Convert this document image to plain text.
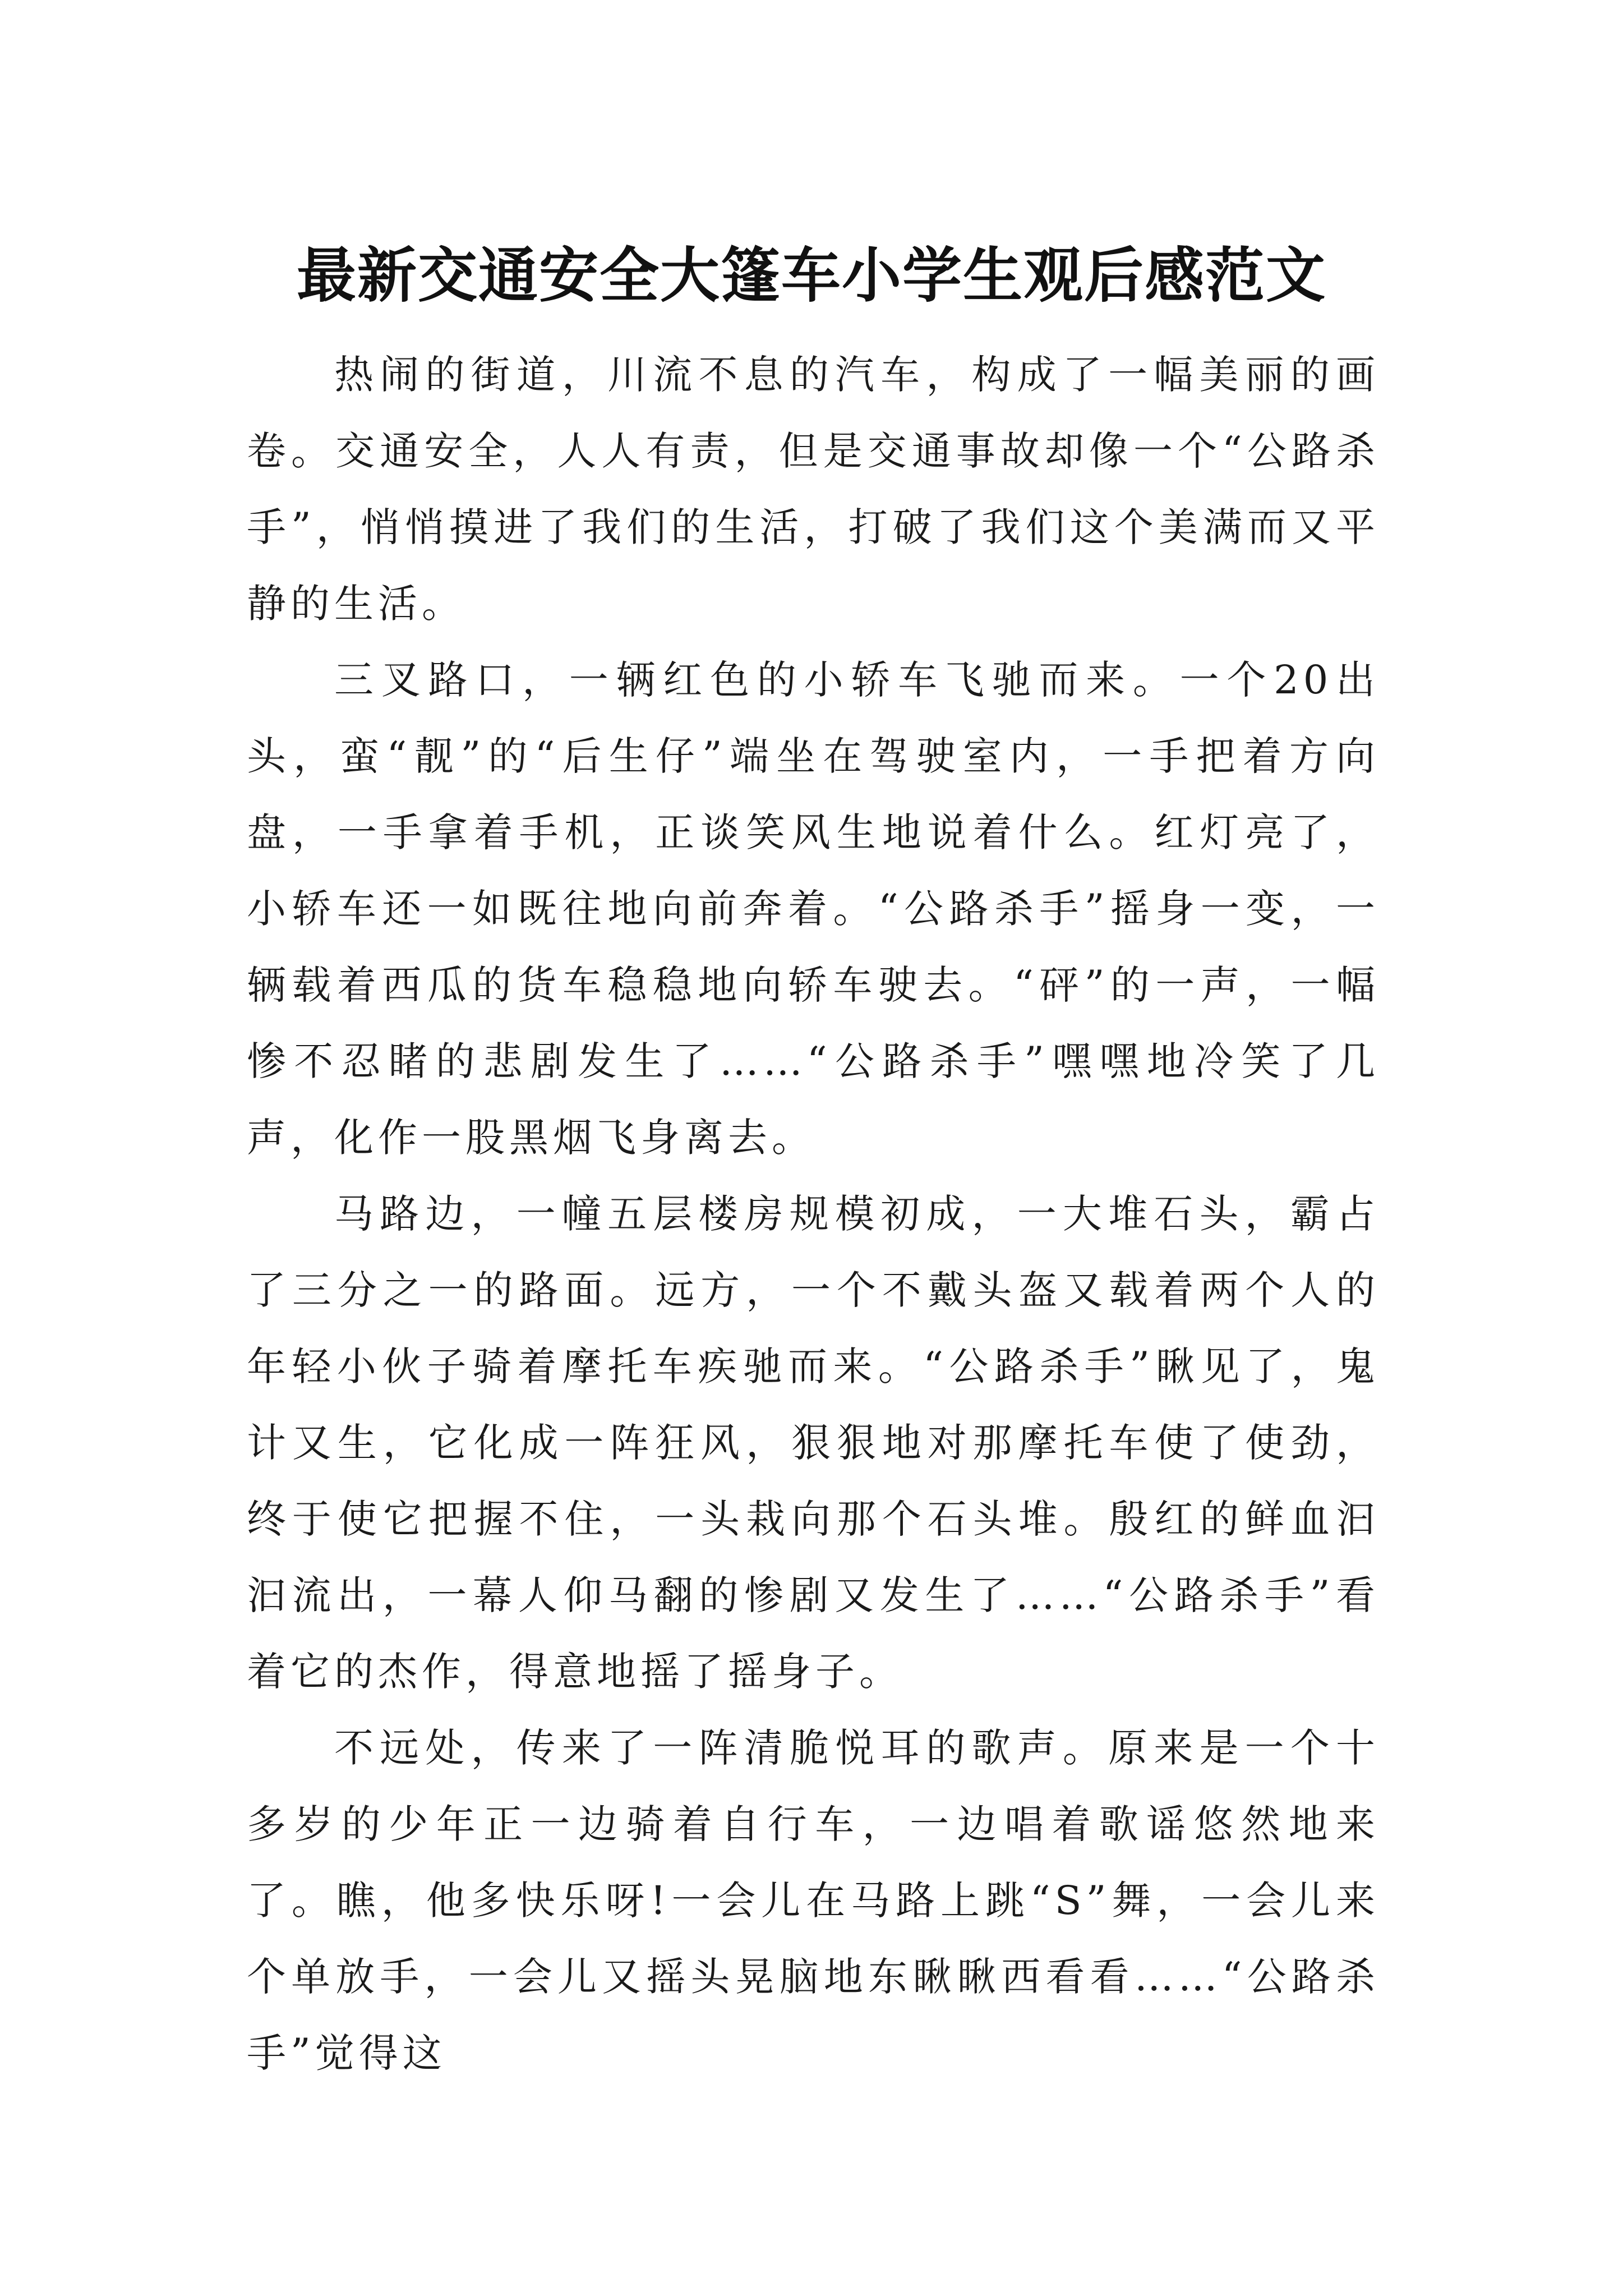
最新交通安全大篷车小学生观后感范文

热闹的街道，川流不息的汽车，构成了一幅美丽的画卷。交通安全，人人有责，但是交通事故却像一个“公路杀手”，悄悄摸进了我们的生活，打破了我们这个美满而又平静的生活。

三叉路口，一辆红色的小轿车飞驰而来。一个20出头，蛮“靓”的“后生仔”端坐在驾驶室内，一手把着方向盘，一手拿着手机，正谈笑风生地说着什么。红灯亮了，小轿车还一如既往地向前奔着。“公路杀手”摇身一变，一辆载着西瓜的货车稳稳地向轿车驶去。“砰”的一声，一幅惨不忍睹的悲剧发生了……“公路杀手”嘿嘿地冷笑了几声，化作一股黑烟飞身离去。

马路边，一幢五层楼房规模初成，一大堆石头，霸占了三分之一的路面。远方，一个不戴头盔又载着两个人的年轻小伙子骑着摩托车疾驰而来。“公路杀手”瞅见了，鬼计又生，它化成一阵狂风，狠狠地对那摩托车使了使劲，终于使它把握不住，一头栽向那个石头堆。殷红的鲜血汩汩流出，一幕人仰马翻的惨剧又发生了……“公路杀手”看着它的杰作，得意地摇了摇身子。

不远处，传来了一阵清脆悦耳的歌声。原来是一个十多岁的少年正一边骑着自行车，一边唱着歌谣悠然地来了。瞧，他多快乐呀!一会儿在马路上跳“S”舞，一会儿来个单放手，一会儿又摇头晃脑地东瞅瞅西看看……“公路杀手”觉得这
